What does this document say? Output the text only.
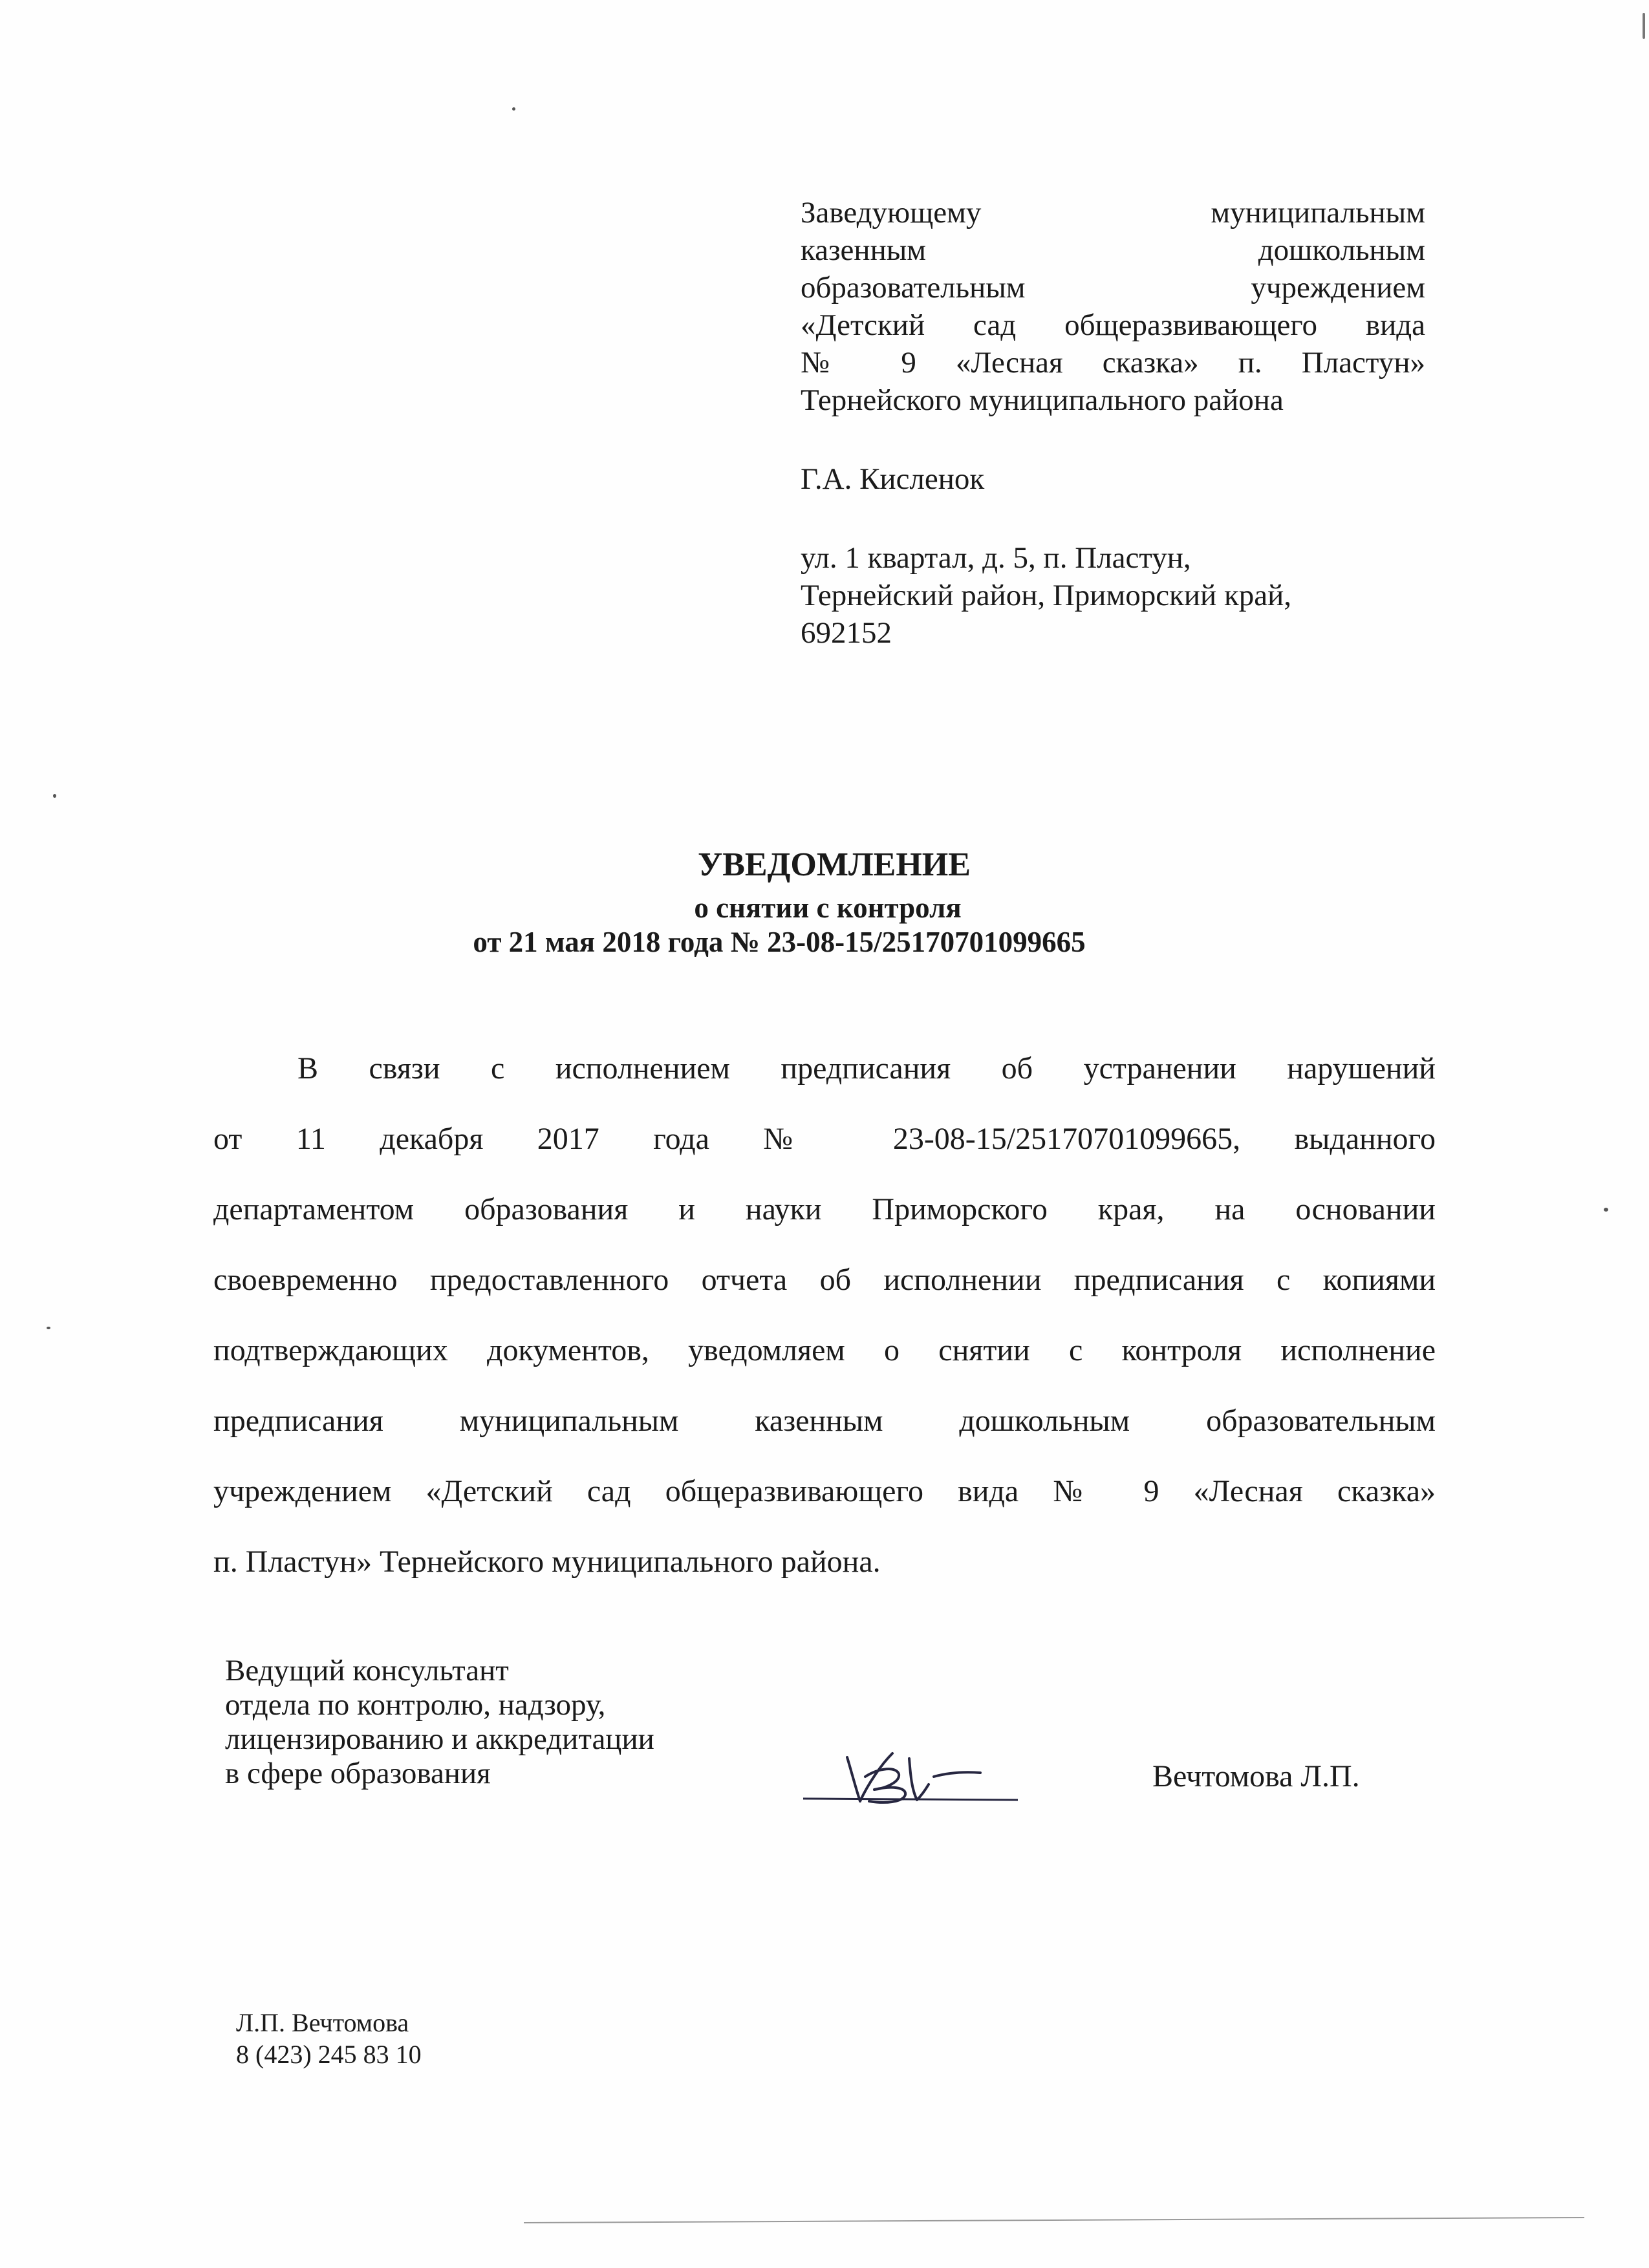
Заведующему муниципальным
казенным дошкольным
образовательным учреждением
«Детский сад общеразвивающего вида
№ 9 «Лесная сказка» п. Пластун»
Тернейского муниципального района
Г.А. Кисленок
ул. 1 квартал, д. 5, п. Пластун,
Тернейский район, Приморский край,
692152
УВЕДОМЛЕНИЕ
о снятии с контроля
от 21 мая 2018 года № 23-08-15/25170701099665
В связи с исполнением предписания об устранении нарушений
от 11 декабря 2017 года № 23-08-15/25170701099665, выданного
департаментом образования и науки Приморского края, на основании
своевременно предоставленного отчета об исполнении предписания с копиями
подтверждающих документов, уведомляем о снятии с контроля исполнение
предписания муниципальным казенным дошкольным образовательным
учреждением «Детский сад общеразвивающего вида № 9 «Лесная сказка»
п. Пластун» Тернейского муниципального района.
Ведущий консультант
отдела по контролю, надзору,
лицензированию и аккредитации
в сфере образования	Вечтомова Л.П.
Л.П. Вечтомова
8 (423) 245 83 10
